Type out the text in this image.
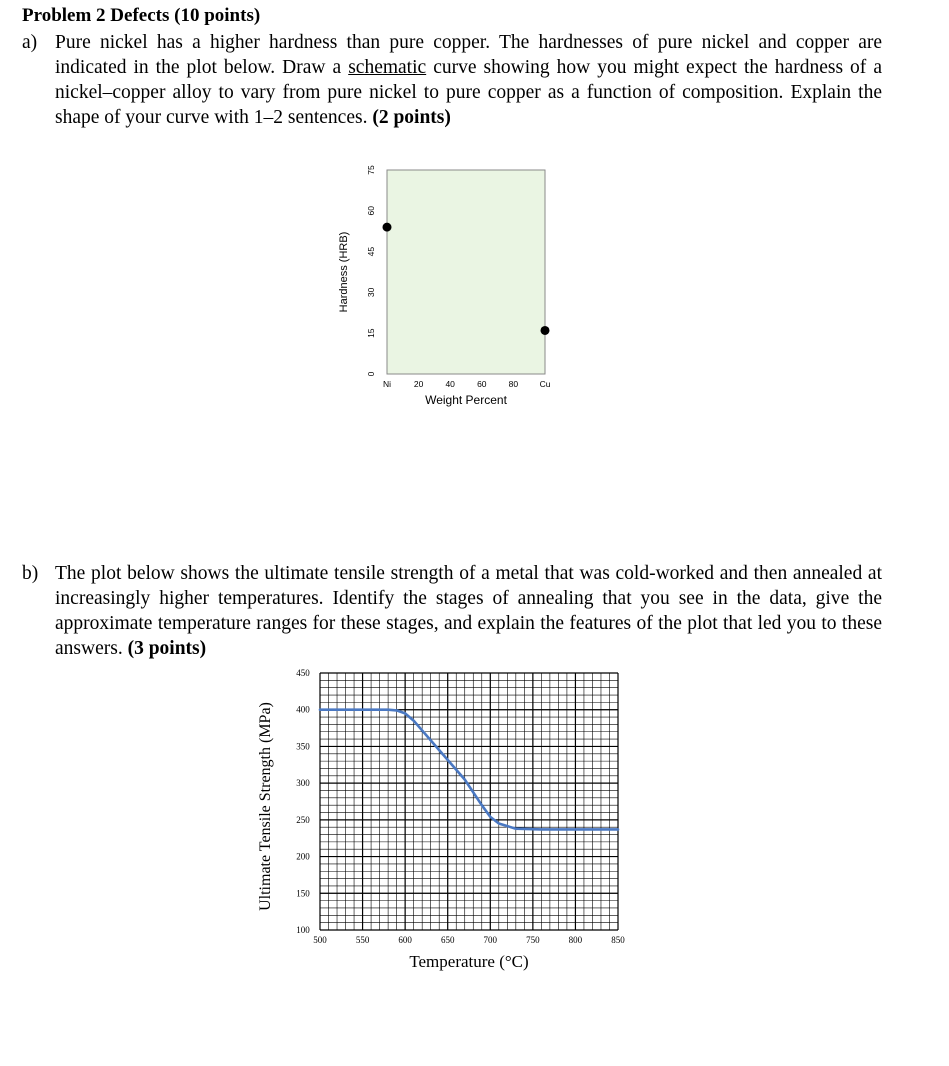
Problem 2 Defects (10 points)
a) Pure nickel has a higher hardness than pure copper. The hardnesses of pure nickel and copper are indicated in the plot below. Draw a schematic curve showing how you might expect the hardness of a nickel–copper alloy to vary from pure nickel to pure copper as a function of composition. Explain the shape of your curve with 1–2 sentences. (2 points)
b) The plot below shows the ultimate tensile strength of a metal that was cold-worked and then annealed at increasingly higher temperatures. Identify the stages of annealing that you see in the data, give the approximate temperature ranges for these stages, and explain the features of the plot that led you to these answers. (3 points)
0
15
30
45
60
75
Ni	20	40	60	80	Cu
Weight Percent
Hardness (HRB)
100
150
200
250
300
350
400
450
500	550	600	650	700	750	800	850
Temperature (°C)
Ultimate Tensile Strength (MPa)
